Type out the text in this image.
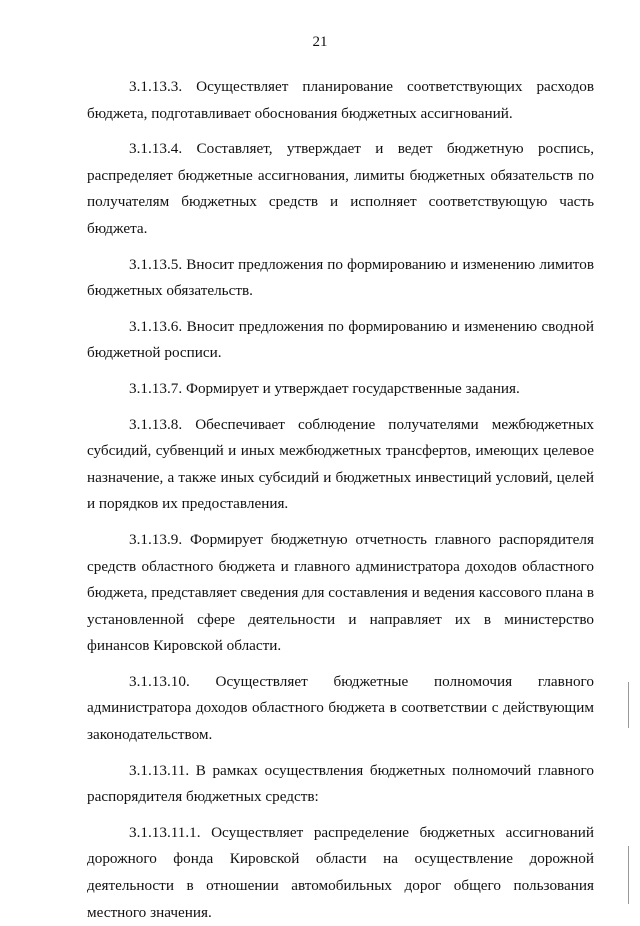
21

3.1.13.3. Осуществляет планирование соответствующих расходов бюджета, подготавливает обоснования бюджетных ассигнований.

3.1.13.4. Составляет, утверждает и ведет бюджетную роспись, распределяет бюджетные ассигнования, лимиты бюджетных обязательств по получателям бюджетных средств и исполняет соответствующую часть бюджета.

3.1.13.5. Вносит предложения по формированию и изменению лимитов бюджетных обязательств.

3.1.13.6. Вносит предложения по формированию и изменению сводной бюджетной росписи.

3.1.13.7. Формирует и утверждает государственные задания.

3.1.13.8. Обеспечивает соблюдение получателями межбюджетных субсидий, субвенций и иных межбюджетных трансфертов, имеющих целевое назначение, а также иных субсидий и бюджетных инвестиций условий, целей и порядков их предоставления.

3.1.13.9. Формирует бюджетную отчетность главного распорядителя средств областного бюджета и главного администратора доходов областного бюджета, представляет сведения для составления и ведения кассового плана в установленной сфере деятельности и направляет их в министерство финансов Кировской области.

3.1.13.10. Осуществляет бюджетные полномочия главного администратора доходов областного бюджета в соответствии с действующим законодательством.

3.1.13.11. В рамках осуществления бюджетных полномочий главного распорядителя бюджетных средств:

3.1.13.11.1. Осуществляет распределение бюджетных ассигнований дорожного фонда Кировской области на осуществление дорожной деятельности в отношении автомобильных дорог общего пользования местного значения.
